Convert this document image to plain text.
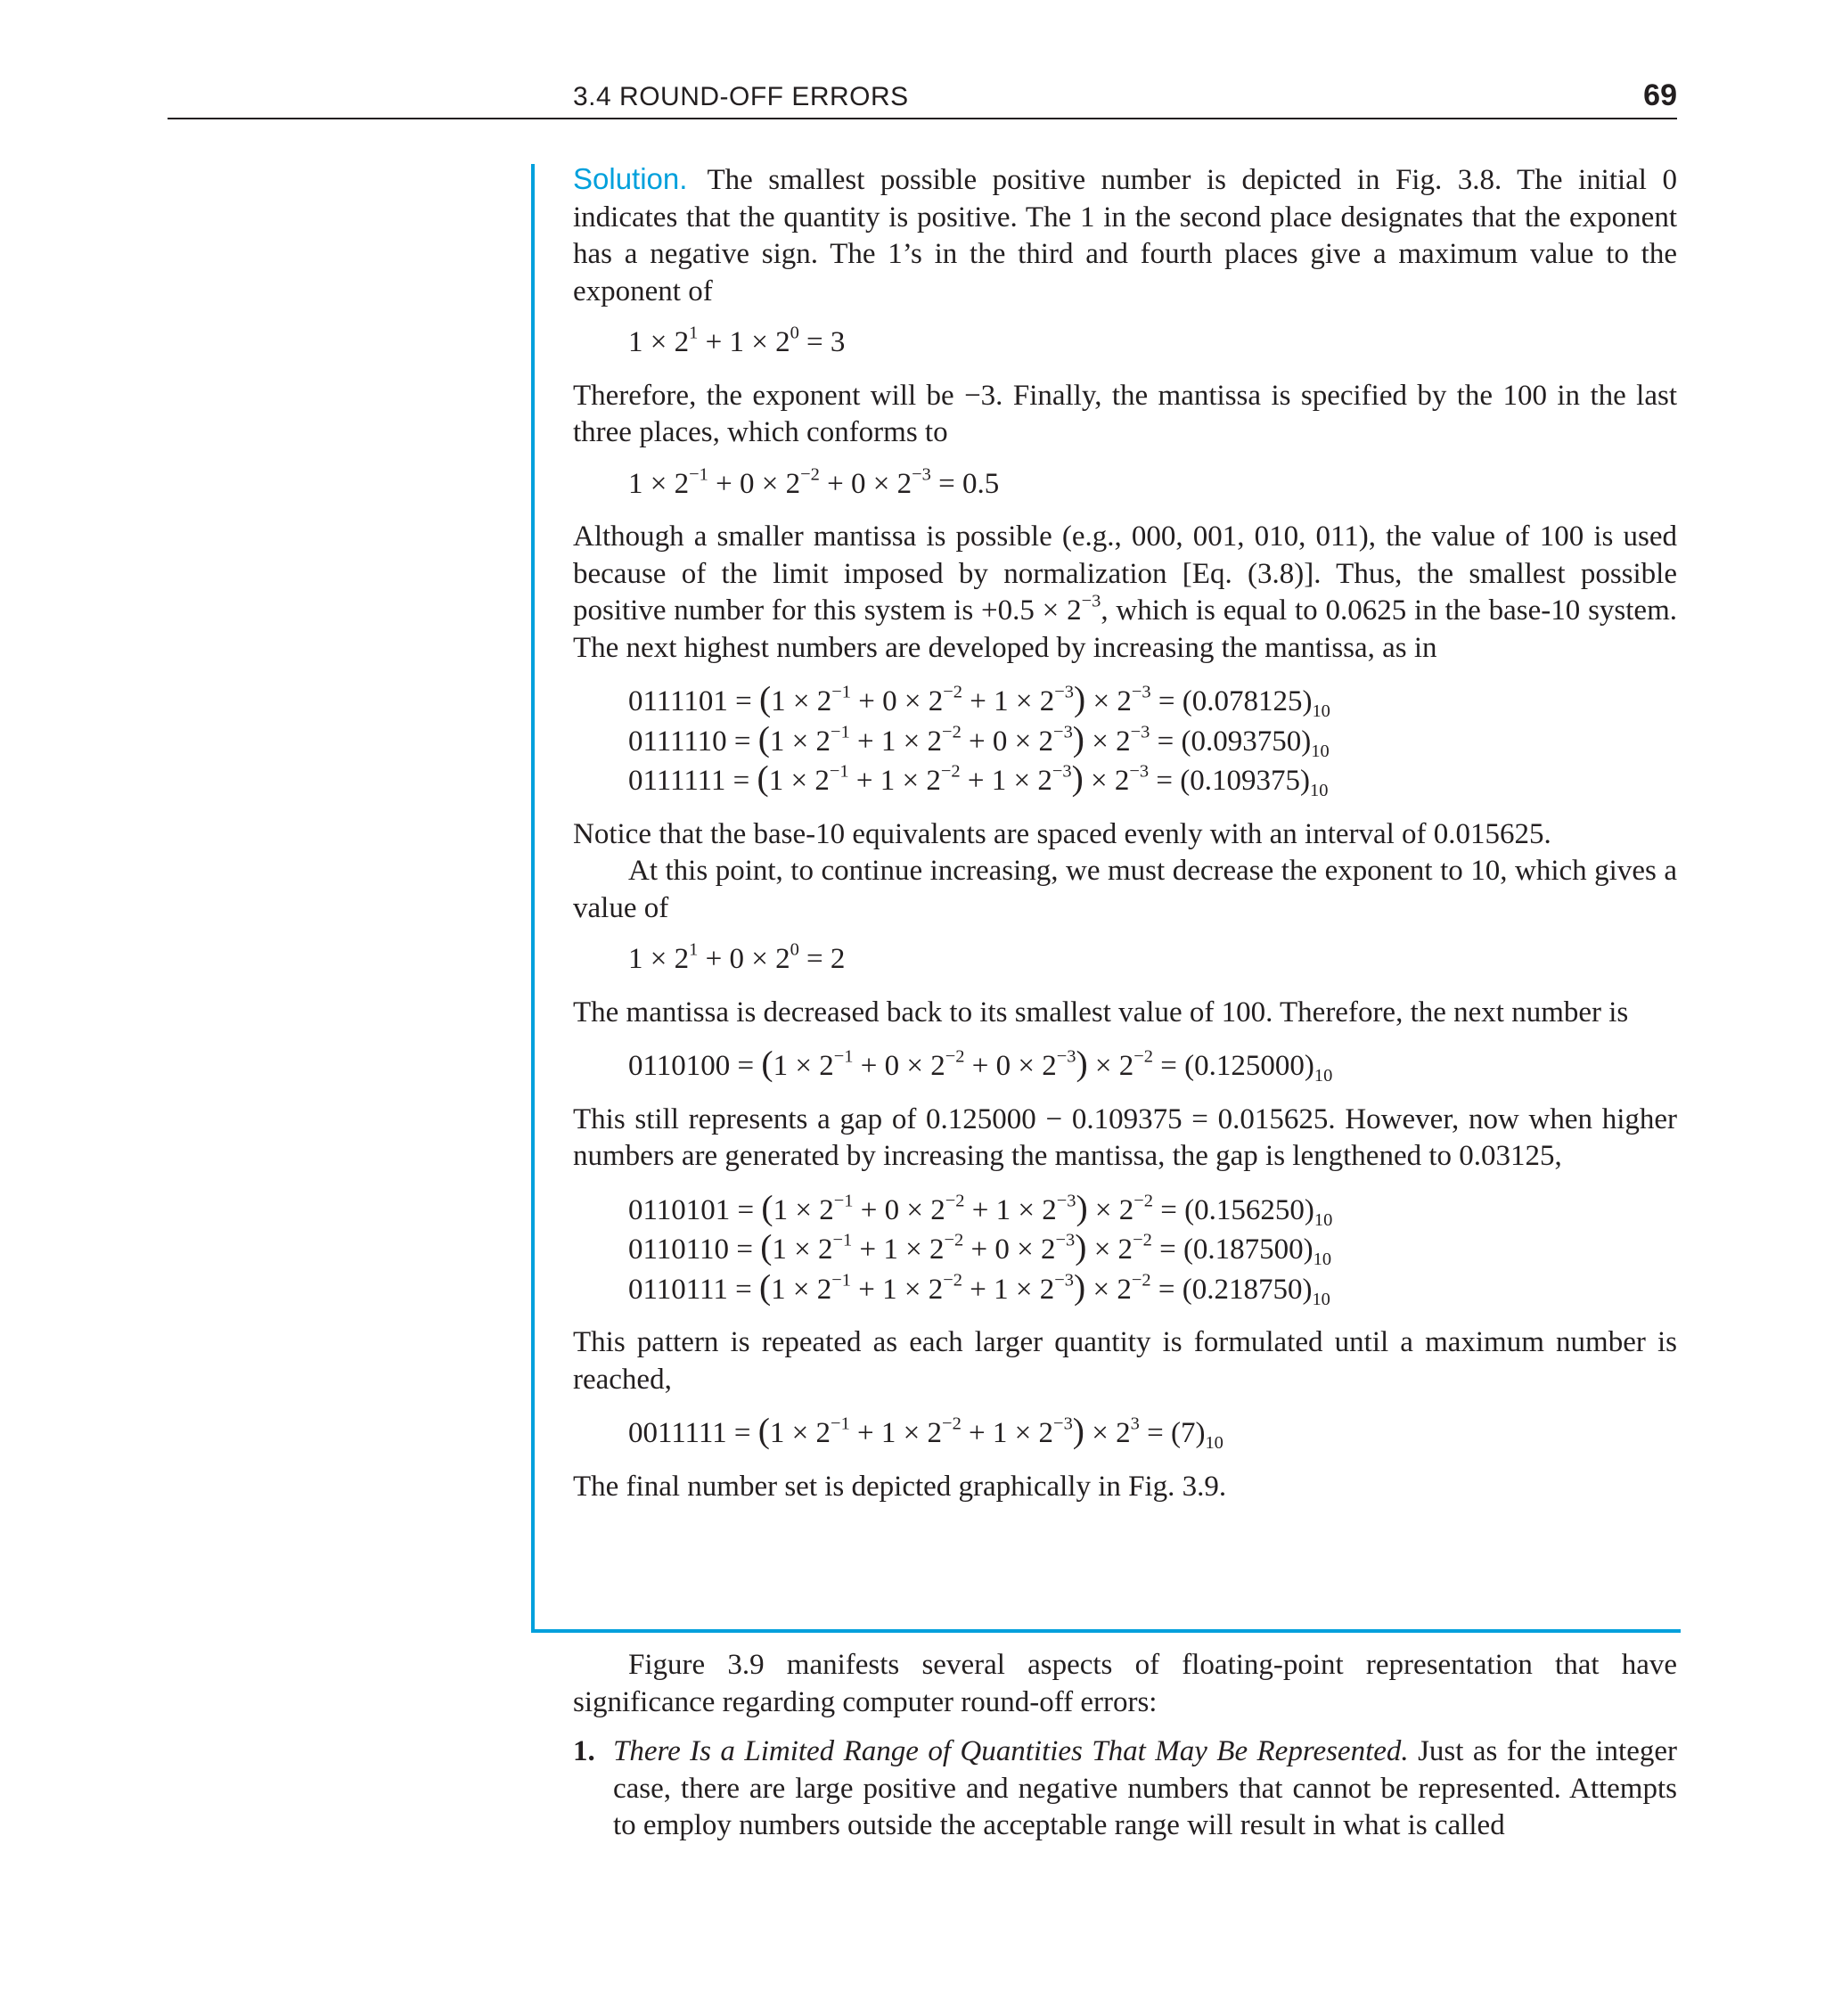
3.4 ROUND-OFF ERRORS	69

Solution. The smallest possible positive number is depicted in Fig. 3.8. The initial 0 indicates that the quantity is positive. The 1 in the second place designates that the exponent has a negative sign. The 1’s in the third and fourth places give a maximum value to the exponent of

$1 \times 2^1 + 1 \times 2^0 = 3$

Therefore, the exponent will be −3. Finally, the mantissa is specified by the 100 in the last three places, which conforms to

$1 \times 2^{-1} + 0 \times 2^{-2} + 0 \times 2^{-3} = 0.5$

Although a smaller mantissa is possible (e.g., 000, 001, 010, 011), the value of 100 is used because of the limit imposed by normalization [Eq. (3.8)]. Thus, the smallest possible positive number for this system is $+0.5 \times 2^{-3}$, which is equal to 0.0625 in the base-10 system. The next highest numbers are developed by increasing the mantissa, as in

$0111101 = (1 \times 2^{-1} + 0 \times 2^{-2} + 1 \times 2^{-3}) \times 2^{-3} = (0.078125)_{10}$
$0111110 = (1 \times 2^{-1} + 1 \times 2^{-2} + 0 \times 2^{-3}) \times 2^{-3} = (0.093750)_{10}$
$0111111 = (1 \times 2^{-1} + 1 \times 2^{-2} + 1 \times 2^{-3}) \times 2^{-3} = (0.109375)_{10}$

Notice that the base-10 equivalents are spaced evenly with an interval of 0.015625.

At this point, to continue increasing, we must decrease the exponent to 10, which gives a value of

$1 \times 2^1 + 0 \times 2^0 = 2$

The mantissa is decreased back to its smallest value of 100. Therefore, the next number is

$0110100 = (1 \times 2^{-1} + 0 \times 2^{-2} + 0 \times 2^{-3}) \times 2^{-2} = (0.125000)_{10}$

This still represents a gap of 0.125000 − 0.109375 = 0.015625. However, now when higher numbers are generated by increasing the mantissa, the gap is lengthened to 0.03125,

$0110101 = (1 \times 2^{-1} + 0 \times 2^{-2} + 1 \times 2^{-3}) \times 2^{-2} = (0.156250)_{10}$
$0110110 = (1 \times 2^{-1} + 1 \times 2^{-2} + 0 \times 2^{-3}) \times 2^{-2} = (0.187500)_{10}$
$0110111 = (1 \times 2^{-1} + 1 \times 2^{-2} + 1 \times 2^{-3}) \times 2^{-2} = (0.218750)_{10}$

This pattern is repeated as each larger quantity is formulated until a maximum number is reached,

$0011111 = (1 \times 2^{-1} + 1 \times 2^{-2} + 1 \times 2^{-3}) \times 2^3 = (7)_{10}$

The final number set is depicted graphically in Fig. 3.9.

Figure 3.9 manifests several aspects of floating-point representation that have significance regarding computer round-off errors:

1. There Is a Limited Range of Quantities That May Be Represented. Just as for the integer case, there are large positive and negative numbers that cannot be represented. Attempts to employ numbers outside the acceptable range will result in what is called
